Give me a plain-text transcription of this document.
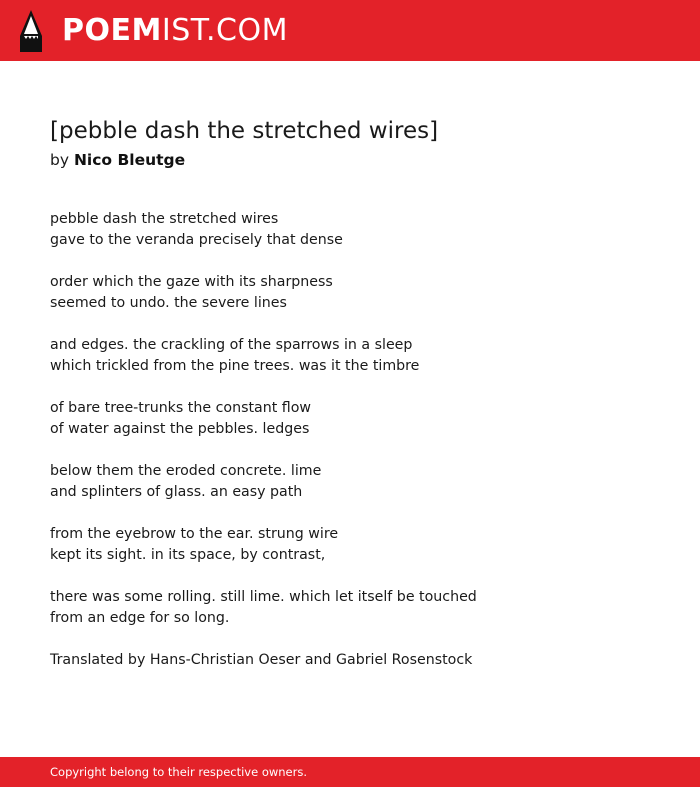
POEMIST.COM
[pebble dash the stretched wires]
by Nico Bleutge

pebble dash the stretched wires
gave to the veranda precisely that dense

order which the gaze with its sharpness
seemed to undo. the severe lines

and edges. the crackling of the sparrows in a sleep
which trickled from the pine trees. was it the timbre

of bare tree-trunks the constant flow
of water against the pebbles. ledges

below them the eroded concrete. lime
and splinters of glass. an easy path

from the eyebrow to the ear. strung wire
kept its sight. in its space, by contrast,

there was some rolling. still lime. which let itself be touched
from an edge for so long.

Translated by Hans-Christian Oeser and Gabriel Rosenstock
Copyright belong to their respective owners.
